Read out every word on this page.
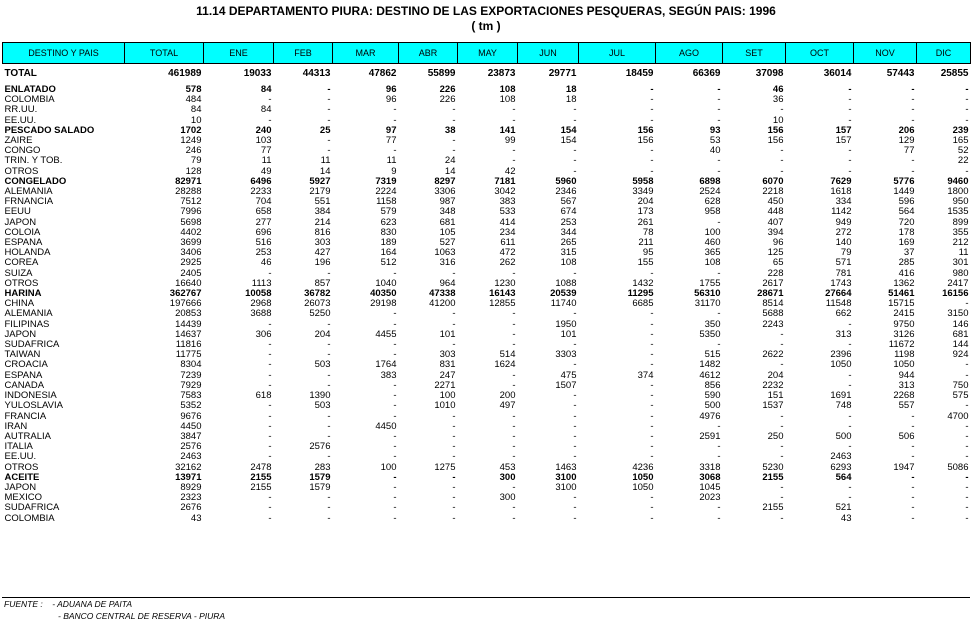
11.14 DEPARTAMENTO PIURA: DESTINO DE LAS EXPORTACIONES PESQUERAS, SEGÚN PAIS: 1996
( tm )
DESTINO Y PAIS	TOTAL	ENE	FEB	MAR	ABR	MAY	JUN	JUL	AGO	SET	OCT	NOV	DIC
TOTAL	461989	19033	44313	47862	55899	23873	29771	18459	66369	37098	36014	57443	25855
ENLATADO	578	84	-	96	226	108	18	-	-	46	-	-	-
COLOMBIA	484	-	-	96	226	108	18	-	-	36	-	-	-
RR.UU.	84	84	-	-	-	-	-	-	-	-	-	-	-
EE.UU.	10	-	-	-	-	-	-	-	-	10	-	-	-
PESCADO SALADO	1702	240	25	97	38	141	154	156	93	156	157	206	239
ZAIRE	1249	103	-	77	-	99	154	156	53	156	157	129	165
CONGO	246	77	-	-	-	-	-	-	40	-	-	77	52
TRIN. Y TOB.	79	11	11	11	24	-	-	-	-	-	-	-	22
OTROS	128	49	14	9	14	42	-	-	-	-	-	-	-
CONGELADO	82971	6496	5927	7319	8297	7181	5960	5958	6898	6070	7629	5776	9460
ALEMANIA	28288	2233	2179	2224	3306	3042	2346	3349	2524	2218	1618	1449	1800
FRNANCIA	7512	704	551	1158	987	383	567	204	628	450	334	596	950
EEUU	7996	658	384	579	348	533	674	173	958	448	1142	564	1535
JAPON	5698	277	214	623	681	414	253	261	-	407	949	720	899
COLOIA	4402	696	816	830	105	234	344	78	100	394	272	178	355
ESPANA	3699	516	303	189	527	611	265	211	460	96	140	169	212
HOLANDA	3406	253	427	164	1063	472	315	95	365	125	79	37	11
COREA	2925	46	196	512	316	262	108	155	108	65	571	285	301
SUIZA	2405	-	-	-	-	-	-	-	-	228	781	416	980
OTROS	16640	1113	857	1040	964	1230	1088	1432	1755	2617	1743	1362	2417
HARINA	362767	10058	36782	40350	47338	16143	20539	11295	56310	28671	27664	51461	16156
CHINA	197666	2968	26073	29198	41200	12855	11740	6685	31170	8514	11548	15715	-
ALEMANIA	20853	3688	5250	-	-	-	-	-	-	5688	662	2415	3150
FILIPINAS	14439	-	-	-	-	-	1950	-	350	2243	-	9750	146
JAPON	14637	306	204	4455	101	-	101	-	5350	-	313	3126	681
SUDAFRICA	11816	-	-	-	-	-	-	-	-	-	-	11672	144
TAIWAN	11775	-	-	-	303	514	3303	-	515	2622	2396	1198	924
CROACIA	8304	-	503	1764	831	1624	-	-	1482	-	1050	1050	-
ESPANA	7239	-	-	383	247	-	475	374	4612	204	-	944	-
CANADA	7929	-	-	-	2271	-	1507	-	856	2232	-	313	750
INDONESIA	7583	618	1390	-	100	200	-	-	590	151	1691	2268	575
YULOSLAVIA	5352	-	503	-	1010	497	-	-	500	1537	748	557	-
FRANCIA	9676	-	-	-	-	-	-	-	4976	-	-	-	4700
IRAN	4450	-	-	4450	-	-	-	-	-	-	-	-	-
AUTRALIA	3847	-	-	-	-	-	-	-	2591	250	500	506	-
ITALIA	2576	-	2576	-	-	-	-	-	-	-	-	-	-
EE.UU.	2463	-	-	-	-	-	-	-	-	-	2463	-	-
OTROS	32162	2478	283	100	1275	453	1463	4236	3318	5230	6293	1947	5086
ACEITE	13971	2155	1579	-	-	300	3100	1050	3068	2155	564	-	-
JAPON	8929	2155	1579	-	-	-	3100	1050	1045	-	-	-	-
MEXICO	2323	-	-	-	-	300	-	-	2023	-	-	-	-
SUDAFRICA	2676	-	-	-	-	-	-	-	-	2155	521	-	-
COLOMBIA	43	-	-	-	-	-	-	-	-	-	43	-	-
FUENTE : - ADUANA DE PAITA
- BANCO CENTRAL DE RESERVA - PIURA
